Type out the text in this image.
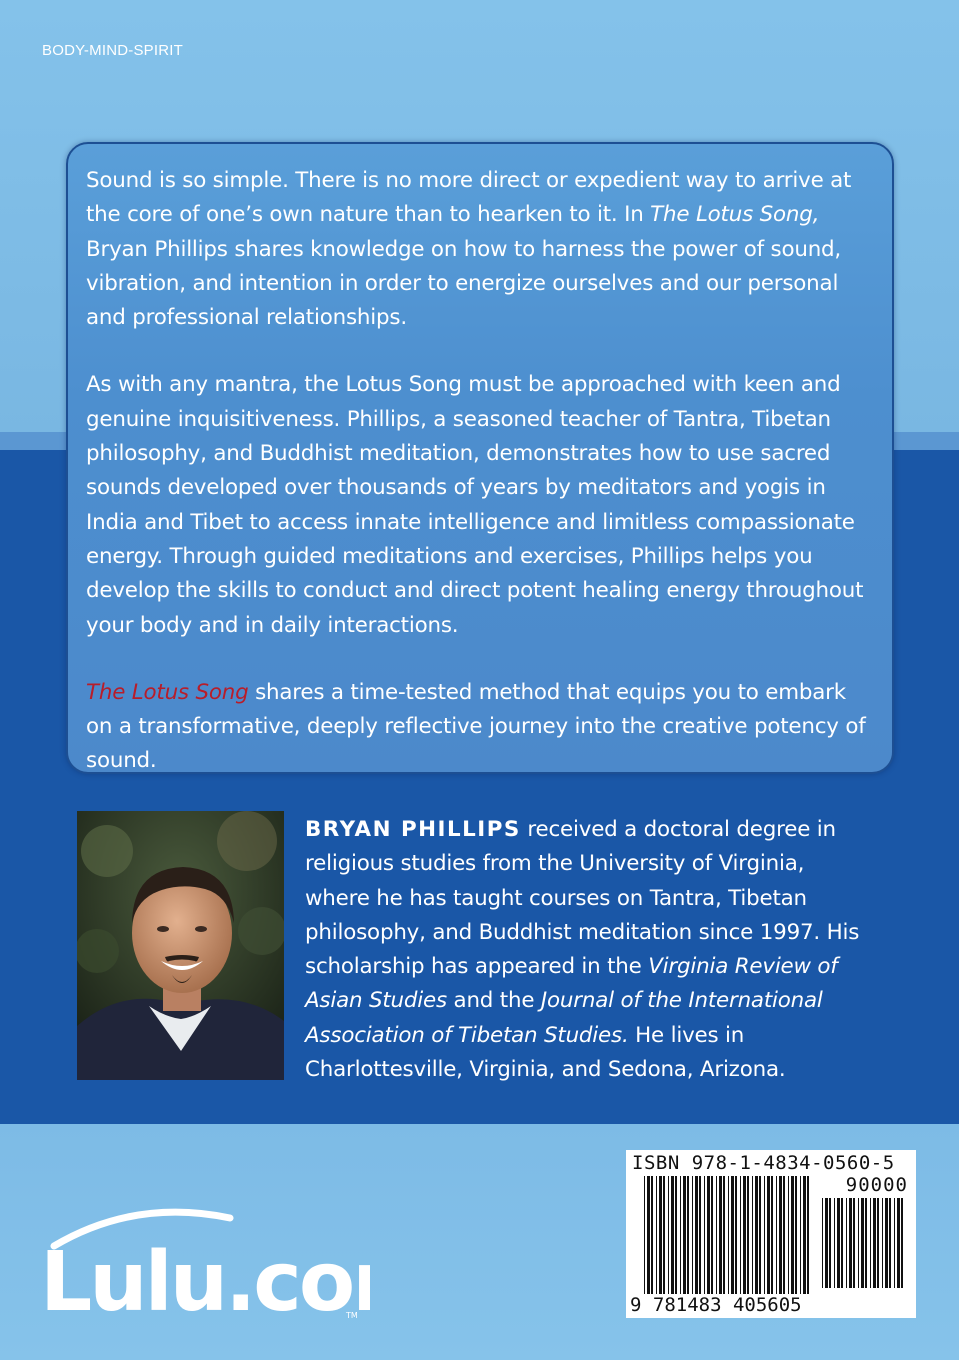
BODY-MIND-SPIRIT

Sound is so simple. There is no more direct or expedient way to arrive at the core of one’s own nature than to hearken to it. In The Lotus Song, Bryan Phillips shares knowledge on how to harness the power of sound, vibration, and intention in order to energize ourselves and our personal and professional relationships.

As with any mantra, the Lotus Song must be approached with keen and genuine inquisitiveness. Phillips, a seasoned teacher of Tantra, Tibetan philosophy, and Buddhist meditation, demonstrates how to use sacred sounds developed over thousands of years by meditators and yogis in India and Tibet to access innate intelligence and limitless compassionate energy. Through guided meditations and exercises, Phillips helps you develop the skills to conduct and direct potent healing energy throughout your body and in daily interactions.

The Lotus Song shares a time-tested method that equips you to embark on a transformative, deeply reflective journey into the creative potency of sound.

BRYAN PHILLIPS received a doctoral degree in religious studies from the University of Virginia, where he has taught courses on Tantra, Tibetan philosophy, and Buddhist meditation since 1997. His scholarship has appeared in the Virginia Review of Asian Studies and the Journal of the International Association of Tibetan Studies. He lives in Charlottesville, Virginia, and Sedona, Arizona.
Lulu.co
TM
ISBN 978-1-4834-0560-5
90000
9 781483 405605
